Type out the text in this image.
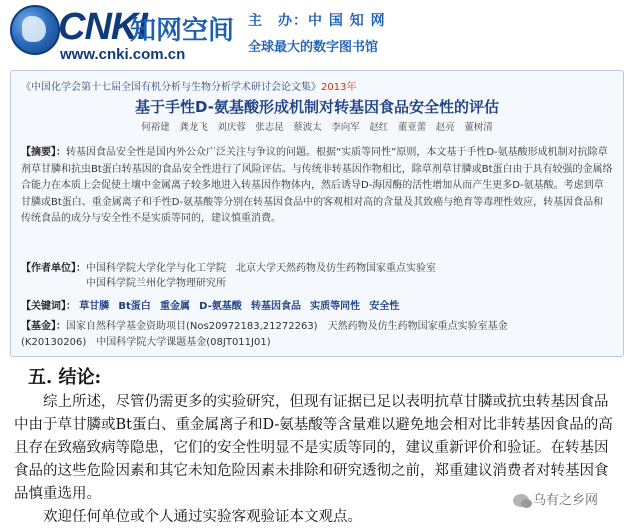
CNKI
知网空间
www.cnki.com.cn
主　办：中 国 知 网
全球最大的数字图书馆
《中国化学会第十七届全国有机分析与生物分析学术研讨会论文集》2013年
基于手性D-氨基酸形成机制对转基因食品安全性的评估
何裕建　龚龙飞　刘庆蓉　张志昆　蔡波太　李向军　赵红　董亚蕾　赵亮　董树清
【摘要】：转基因食品安全性是国内外公众广泛关注与争议的问题。根据“实质等同性”原则，本文基于手性D-氨基酸形成机制对抗除草剂草甘膦和抗虫Bt蛋白转基因的食品安全性进行了风险评估。与传统非转基因作物相比，除草剂草甘膦或Bt蛋白由于具有较强的金属络合能力在本质上会促使土壤中金属离子较多地进入转基因作物体内，然后诱导D-海因酶的活性增加从而产生更多D-氨基酸。考虑到草甘膦或Bt蛋白、重金属离子和手性D-氨基酸等分别在转基因食品中的客观相对高的含量及其致癌与绝育等毒理性效应，转基因食品和传统食品的成分与安全性不是实质等同的，建议慎重消费。
【作者单位】：中国科学院大学化学与化工学院　北京大学天然药物及仿生药物国家重点实验室
中国科学院兰州化学物理研究所
【关键词】： 草甘膦 Bt蛋白 重金属 D-氨基酸 转基因食品 实质等同性 安全性
【基金】：国家自然科学基金资助项目(Nos20972183,21272263)　天然药物及仿生药物国家重点实验室基金
(K20130206)　中国科学院大学课题基金(08JT011J01)
五. 结论:

综上所述，尽管仍需更多的实验研究，但现有证据已足以表明抗草甘膦或抗虫转基因食品中由于草甘膦或Bt蛋白、重金属离子和D-氨基酸等含量难以避免地会相对比非转基因食品的高且存在致癌致病等隐患，它们的安全性明显不是实质等同的，建议重新评价和验证。在转基因食品的这些危险因素和其它未知危险因素未排除和研究透彻之前，郑重建议消费者对转基因食品慎重选用。

欢迎任何单位或个人通过实验客观验证本文观点。

乌有之乡网
